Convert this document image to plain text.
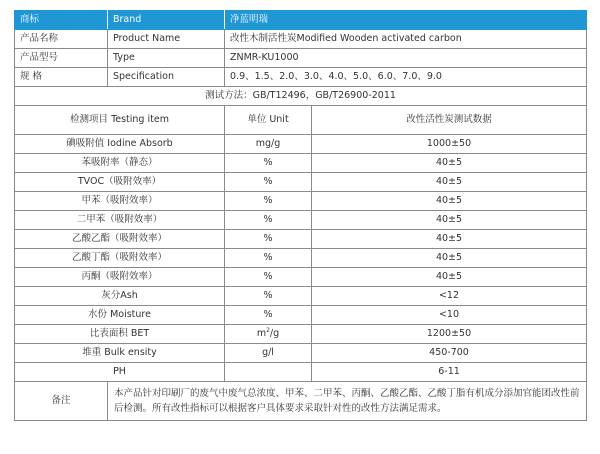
商标	Brand	净蓝明瑞	
产品名称	Product Name	改性木制活性炭Modified Wooden activated carbon	
产品型号	Type	ZNMR-KU1000	
规 格	Specification	0.9、1.5、2.0、3.0、4.0、5.0、6.0、7.0、9.0	
测试方法：GB/T12496，GB/T26900-2011			
检测项目 Testing item		单位 Unit	改性活性炭测试数据
碘吸附值 Iodine Absorb		mg/g	1000±50
苯吸附率（静态）		%	40±5
TVOC（吸附效率）		%	40±5
甲苯（吸附效率）		%	40±5
二甲苯（吸附效率）		%	40±5
乙酸乙酯（吸附效率）		%	40±5
乙酸丁酯（吸附效率）		%	40±5
丙酮（吸附效率）		%	40±5
灰分Ash		%	<12
水份 Moisture		%	<10
比表面积 BET		$m^2/g$	1200±50
堆重 Bulk ensity		g/l	450-700
PH			6-11
备注	本产品针对印刷厂的废气中废气总浓度、甲苯、二甲苯、丙酮、乙酸乙酯、乙酸丁脂有机成分添加官能团改性前后检测。所有改性指标可以根据客户具体要求采取针对性的改性方法满足需求。		
